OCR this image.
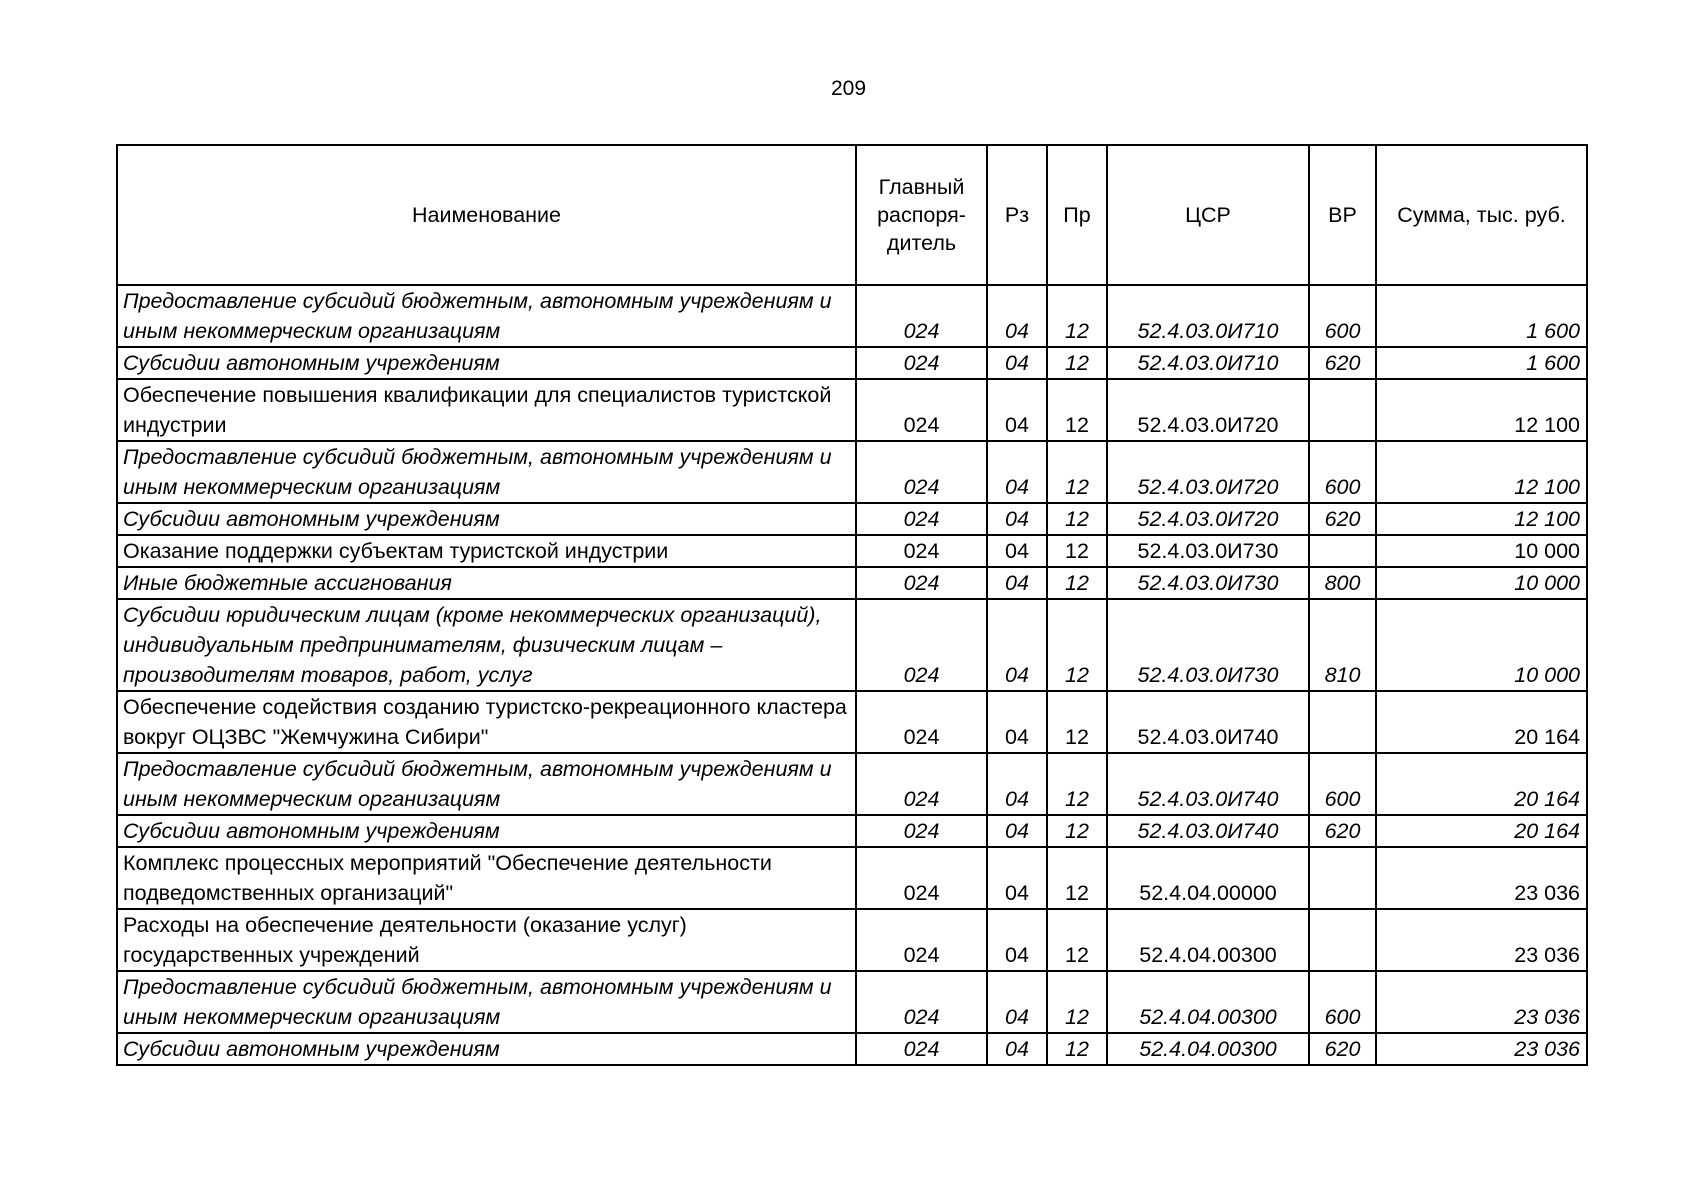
209
Наименование	Главный распоря-дитель	Рз	Пр	ЦСР	ВР	Сумма, тыс. руб.
Предоставление субсидий бюджетным, автономным учреждениям и иным некоммерческим организациям	024	04	12	52.4.03.0И710	600	1 600
Субсидии автономным учреждениям	024	04	12	52.4.03.0И710	620	1 600
Обеспечение повышения квалификации для специалистов туристской индустрии	024	04	12	52.4.03.0И720		12 100
Предоставление субсидий бюджетным, автономным учреждениям и иным некоммерческим организациям	024	04	12	52.4.03.0И720	600	12 100
Субсидии автономным учреждениям	024	04	12	52.4.03.0И720	620	12 100
Оказание поддержки субъектам туристской индустрии	024	04	12	52.4.03.0И730		10 000
Иные бюджетные ассигнования	024	04	12	52.4.03.0И730	800	10 000
Субсидии юридическим лицам (кроме некоммерческих организаций), индивидуальным предпринимателям, физическим лицам – производителям товаров, работ, услуг	024	04	12	52.4.03.0И730	810	10 000
Обеспечение содействия созданию туристско-рекреационного кластера вокруг ОЦЗВС "Жемчужина Сибири"	024	04	12	52.4.03.0И740		20 164
Предоставление субсидий бюджетным, автономным учреждениям и иным некоммерческим организациям	024	04	12	52.4.03.0И740	600	20 164
Субсидии автономным учреждениям	024	04	12	52.4.03.0И740	620	20 164
Комплекс процессных мероприятий "Обеспечение деятельности подведомственных организаций"	024	04	12	52.4.04.00000		23 036
Расходы на обеспечение деятельности (оказание услуг) государственных учреждений	024	04	12	52.4.04.00300		23 036
Предоставление субсидий бюджетным, автономным учреждениям и иным некоммерческим организациям	024	04	12	52.4.04.00300	600	23 036
Субсидии автономным учреждениям	024	04	12	52.4.04.00300	620	23 036
